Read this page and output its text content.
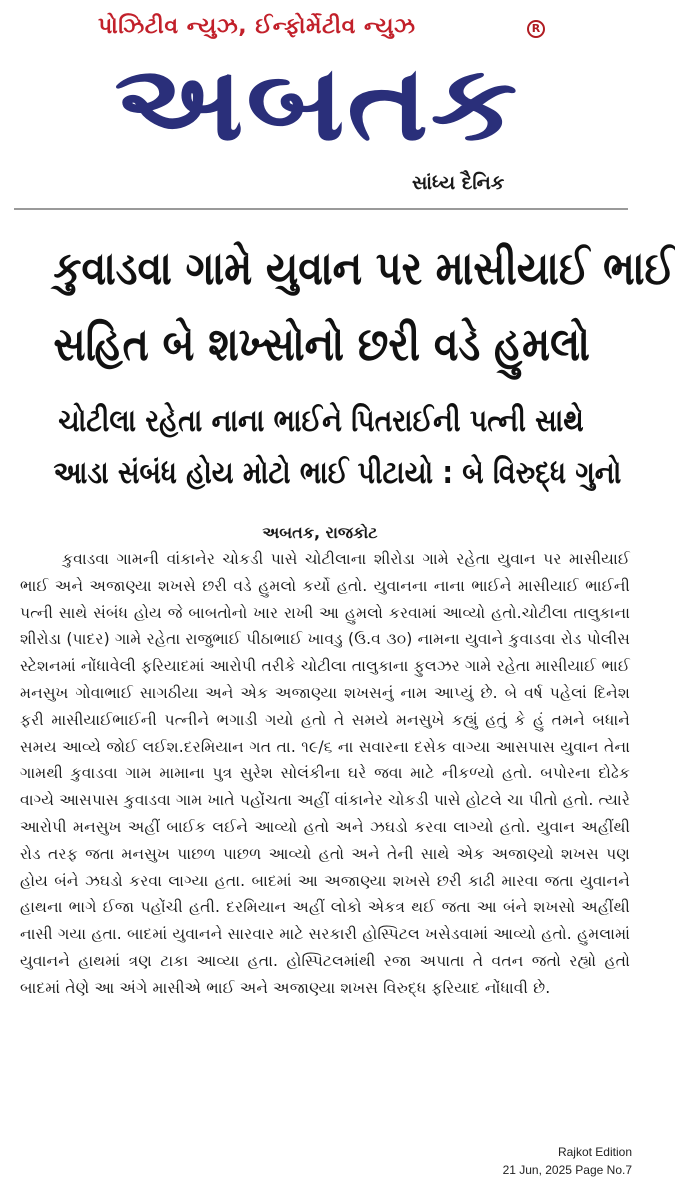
પોઝિટીવ ન્યુઝ, ઈન્ફોર્મેટીવ ન્યુઝ	R
અબતક
સાંધ્ય દૈનિક
કુવાડવા ગામે યુવાન પર માસીયાઈ ભાઈ
સહિત બે શખ્સોનો છરી વડે હુમલો
ચોટીલા રહેતા નાના ભાઈને પિતરાઈની પત્ની સાથે
આડા સંબંધ હોય મોટો ભાઈ પીટાયો : બે વિરુદ્ધ ગુનો
અબતક, રાજકોટ
કુવાડવા ગામની વાંકાનેર ચોકડી પાસે ચોટીલાના શીરોડા ગામે રહેતા યુવાન પર માસીયાઈ ભાઈ અને અજાણ્યા શખસે છરી વડે હુમલો કર્યો હતો. યુવાનના નાના ભાઈને માસીયાઈ ભાઈની પત્ની સાથે સંબંધ હોય જે બાબતોનો ખાર રાખી આ હુમલો કરવામાં આવ્યો હતો.ચોટીલા તાલુકાના શીરોડા (પાદર) ગામે રહેતા રાજુભાઈ પીઠાભાઈ ખાવડુ (ઉ.વ ૩૦) નામના યુવાને કુવાડવા રોડ પોલીસ સ્ટેશનમાં નોંધાવેલી ફરિયાદમાં આરોપી તરીકે ચોટીલા તાલુકાના ફુલઝર ગામે રહેતા માસીયાઈ ભાઈ મનસુખ ગોવાભાઈ સાગઠીયા અને એક અજાણ્યા શખસનું નામ આપ્યું છે. બે વર્ષ પહેલાં દિનેશ ફરી માસીયાઈભાઈની પત્નીને ભગાડી ગયો હતો તે સમયે મનસુખે કહ્યું હતું કે હું તમને બધાને સમય આવ્યે જોઈ લઈશ.દરમિયાન ગત તા. ૧૯/૬ ના સવારના દસેક વાગ્યા આસપાસ યુવાન તેના ગામથી કુવાડવા ગામ મામાના પુત્ર સુરેશ સોલંકીના ઘરે જવા માટે નીકળ્યો હતો. બપોરના દોઢેક વાગ્યે આસપાસ કુવાડવા ગામ ખાતે પહોંચતા અહીં વાંકાનેર ચોકડી પાસે હોટલે ચા પીતો હતો. ત્યારે આરોપી મનસુખ અહીં બાઈક લઈને આવ્યો હતો અને ઝઘડો કરવા લાગ્યો હતો. યુવાન અહીંથી રોડ તરફ જતા મનસુખ પાછળ પાછળ આવ્યો હતો અને તેની સાથે એક અજાણ્યો શખસ પણ હોય બંને ઝઘડો કરવા લાગ્યા હતા. બાદમાં આ અજાણ્યા શખસે છરી કાઢી મારવા જતા યુવાનને હાથના ભાગે ઈજા પહોંચી હતી. દરમિયાન અહીં લોકો એકત્ર થઈ જતા આ બંને શખસો અહીંથી નાસી ગયા હતા. બાદમાં યુવાનને સારવાર માટે સરકારી હોસ્પિટલ ખસેડવામાં આવ્યો હતો. હુમલામાં યુવાનને હાથમાં ત્રણ ટાકા આવ્યા હતા. હોસ્પિટલમાંથી રજા અપાતા તે વતન જતો રહ્યો હતો બાદમાં તેણે આ અંગે માસીએ ભાઈ અને અજાણ્યા શખસ વિરુદ્ધ ફરિયાદ નોંધાવી છે.
Rajkot Edition
21 Jun, 2025 Page No.7
